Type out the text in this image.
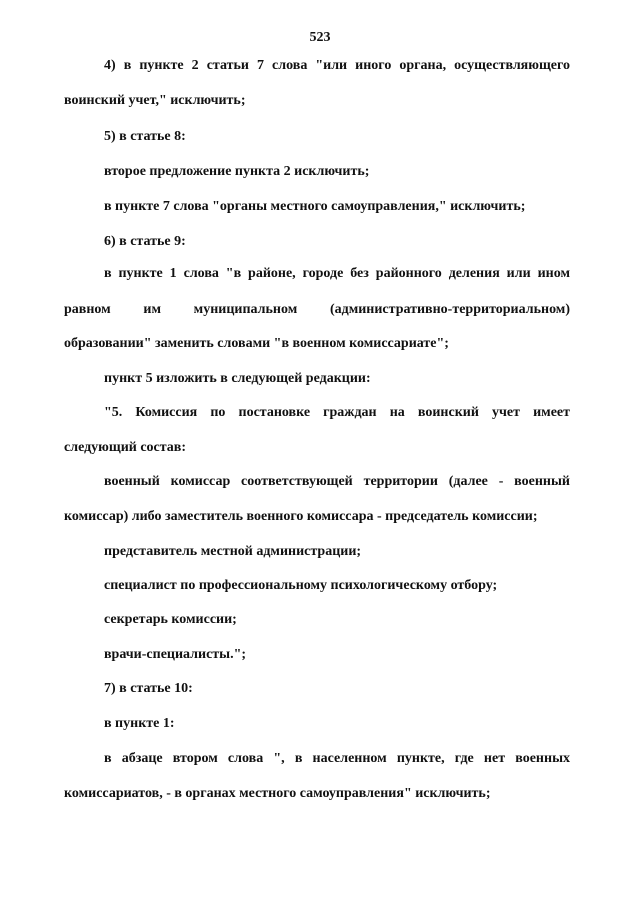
523
4) в пункте 2 статьи 7 слова "или иного органа, осуществляющего
воинский учет," исключить;
5) в статье 8:
второе предложение пункта 2 исключить;
в пункте 7 слова "органы местного самоуправления," исключить;
6) в статье 9:
в пункте 1 слова "в районе, городе без районного деления или ином
равном им муниципальном (административно-территориальном)
образовании" заменить словами "в военном комиссариате";
пункт 5 изложить в следующей редакции:
"5. Комиссия по постановке граждан на воинский учет имеет
следующий состав:
военный комиссар соответствующей территории (далее - военный
комиссар) либо заместитель военного комиссара - председатель комиссии;
представитель местной администрации;
специалист по профессиональному психологическому отбору;
секретарь комиссии;
врачи-специалисты.";
7) в статье 10:
в пункте 1:
в абзаце втором слова ", в населенном пункте, где нет военных
комиссариатов, - в органах местного самоуправления" исключить;
